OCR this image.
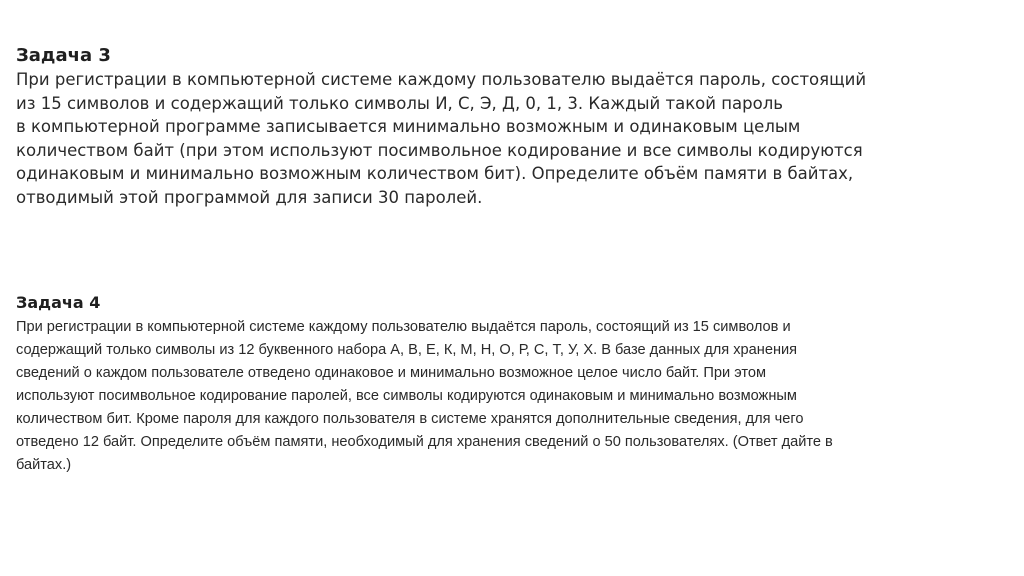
Задача 3

При регистрации в компьютерной системе каждому пользователю выдаётся пароль, состоящий
из 15 символов и содержащий только символы И, С, Э, Д, 0, 1, 3. Каждый такой пароль
в компьютерной программе записывается минимально возможным и одинаковым целым
количеством байт (при этом используют посимвольное кодирование и все символы кодируются
одинаковым и минимально возможным количеством бит). Определите объём памяти в байтах,
отводимый этой программой для записи 30 паролей.

Задача 4

При регистрации в компьютерной системе каждому пользователю выдаётся пароль, состоящий из 15 символов и
содержащий только символы из 12 буквенного набора А, В, Е, К, М, Н, О, Р, С, Т, У, Х. В базе данных для хранения
сведений о каждом пользователе отведено одинаковое и минимально возможное целое число байт. При этом
используют посимвольное кодирование паролей, все символы кодируются одинаковым и минимально возможным
количеством бит. Кроме пароля для каждого пользователя в системе хранятся дополнительные сведения, для чего
отведено 12 байт. Определите объём памяти, необходимый для хранения сведений о 50 пользователях. (Ответ дайте в
байтах.)
